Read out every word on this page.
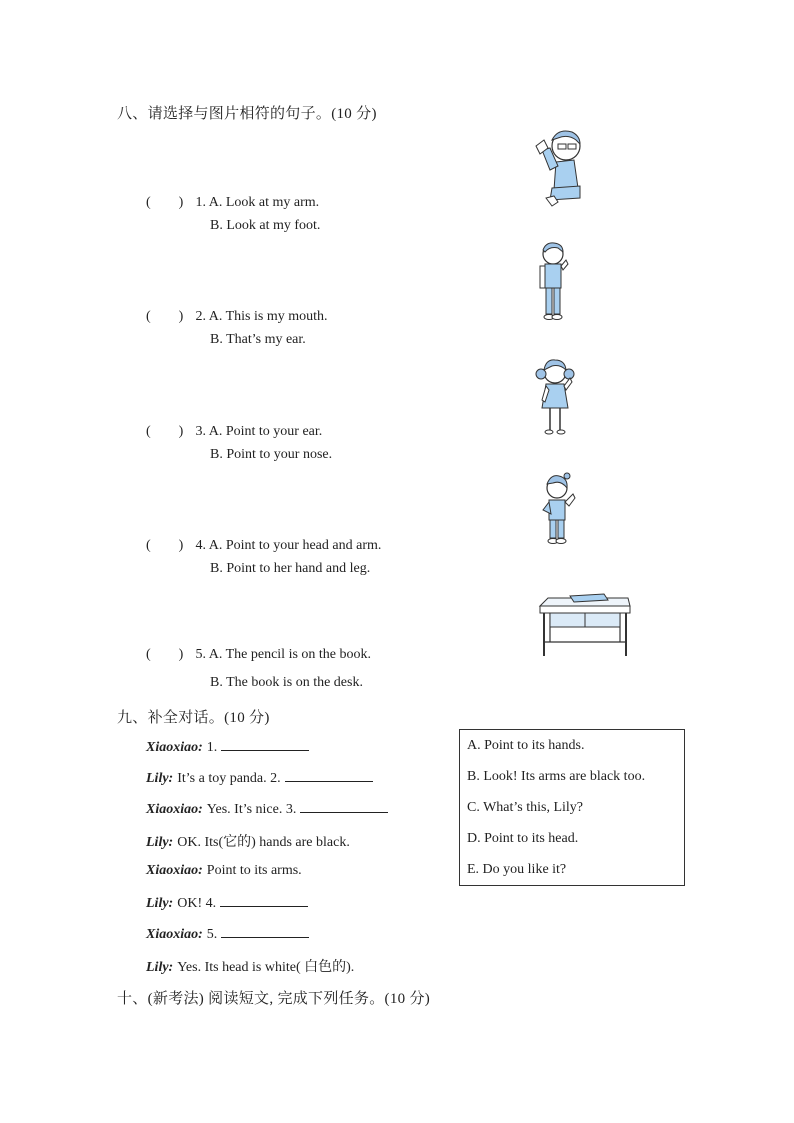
八、请选择与图片相符的句子。(10 分)
(　　) 1. A. Look at my arm.
B. Look at my foot.
(　　) 2. A. This is my mouth.
B. That’s my ear.
(　　) 3. A. Point to your ear.
B. Point to your nose.
(　　) 4. A. Point to your head and arm.
B. Point to her hand and leg.
(　　) 5. A. The pencil is on the book.
B. The book is on the desk.
九、补全对话。(10 分)
Xiaoxiao: 1.
Lily: It’s a toy panda. 2.
Xiaoxiao: Yes. It’s nice. 3.
Lily: OK. Its(它的) hands are black.
Xiaoxiao: Point to its arms.
Lily: OK! 4.
Xiaoxiao: 5.
Lily: Yes. Its head is white( 白色的).
A. Point to its hands.
B. Look! Its arms are black too.
C. What’s this, Lily?
D. Point to its head.
E. Do you like it?
十、(新考法) 阅读短文, 完成下列任务。(10 分)
